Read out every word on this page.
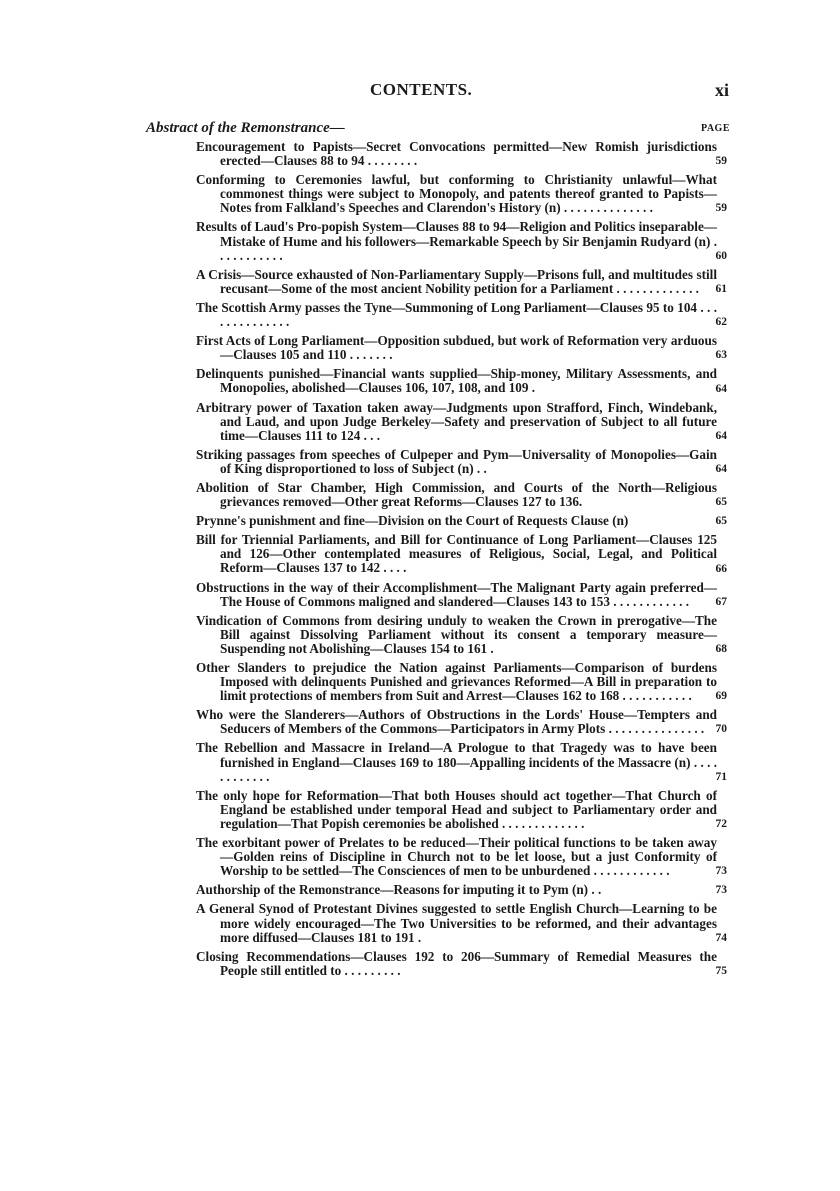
CONTENTS.	xi
Abstract of the Remonstrance—	PAGE
Encouragement to Papists—Secret Convocations permitted—New Romish jurisdictions erected—Clauses 88 to 94 . . . . . . . .	59
Conforming to Ceremonies lawful, but conforming to Christianity unlawful—What commonest things were subject to Monopoly, and patents thereof granted to Papists—Notes from Falkland's Speeches and Clarendon's History (n) . . . . . . . . . . . . . .	59
Results of Laud's Pro-popish System—Clauses 88 to 94—Religion and Politics inseparable—Mistake of Hume and his followers—Remarkable Speech by Sir Benjamin Rudyard (n) . . . . . . . . . . .	60
A Crisis—Source exhausted of Non-Parliamentary Supply—Prisons full, and multitudes still recusant—Some of the most ancient Nobility petition for a Parliament . . . . . . . . . . . . .	61
The Scottish Army passes the Tyne—Summoning of Long Parliament—Clauses 95 to 104 . . . . . . . . . . . . . .	62
First Acts of Long Parliament—Opposition subdued, but work of Reformation very arduous—Clauses 105 and 110 . . . . . . .	63
Delinquents punished—Financial wants supplied—Ship-money, Military Assessments, and Monopolies, abolished—Clauses 106, 107, 108, and 109 .	64
Arbitrary power of Taxation taken away—Judgments upon Strafford, Finch, Windebank, and Laud, and upon Judge Berkeley—Safety and preservation of Subject to all future time—Clauses 111 to 124 . . .	64
Striking passages from speeches of Culpeper and Pym—Universality of Monopolies—Gain of King disproportioned to loss of Subject (n) . .	64
Abolition of Star Chamber, High Commission, and Courts of the North—Religious grievances removed—Other great Reforms—Clauses 127 to 136.	65
Prynne's punishment and fine—Division on the Court of Requests Clause (n)	65
Bill for Triennial Parliaments, and Bill for Continuance of Long Parliament—Clauses 125 and 126—Other contemplated measures of Religious, Social, Legal, and Political Reform—Clauses 137 to 142 . . . .	66
Obstructions in the way of their Accomplishment—The Malignant Party again preferred—The House of Commons maligned and slandered—Clauses 143 to 153 . . . . . . . . . . . .	67
Vindication of Commons from desiring unduly to weaken the Crown in prerogative—The Bill against Dissolving Parliament without its consent a temporary measure—Suspending not Abolishing—Clauses 154 to 161 .	68
Other Slanders to prejudice the Nation against Parliaments—Comparison of burdens Imposed with delinquents Punished and grievances Reformed—A Bill in preparation to limit protections of members from Suit and Arrest—Clauses 162 to 168 . . . . . . . . . . .	69
Who were the Slanderers—Authors of Obstructions in the Lords' House—Tempters and Seducers of Members of the Commons—Participators in Army Plots . . . . . . . . . . . . . . . 70
The Rebellion and Massacre in Ireland—A Prologue to that Tragedy was to have been furnished in England—Clauses 169 to 180—Appalling incidents of the Massacre (n) . . . . . . . . . . . .	71
The only hope for Reformation—That both Houses should act together—That Church of England be established under temporal Head and subject to Parliamentary order and regulation—That Popish ceremonies be abolished . . . . . . . . . . . . .	72
The exorbitant power of Prelates to be reduced—Their political functions to be taken away—Golden reins of Discipline in Church not to be let loose, but a just Conformity of Worship to be settled—The Consciences of men to be unburdened . . . . . . . . . . . .	73
Authorship of the Remonstrance—Reasons for imputing it to Pym (n) . .	73
A General Synod of Protestant Divines suggested to settle English Church—Learning to be more widely encouraged—The Two Universities to be reformed, and their advantages more diffused—Clauses 181 to 191 .	74
Closing Recommendations—Clauses 192 to 206—Summary of Remedial Measures the People still entitled to . . . . . . . . .	75
